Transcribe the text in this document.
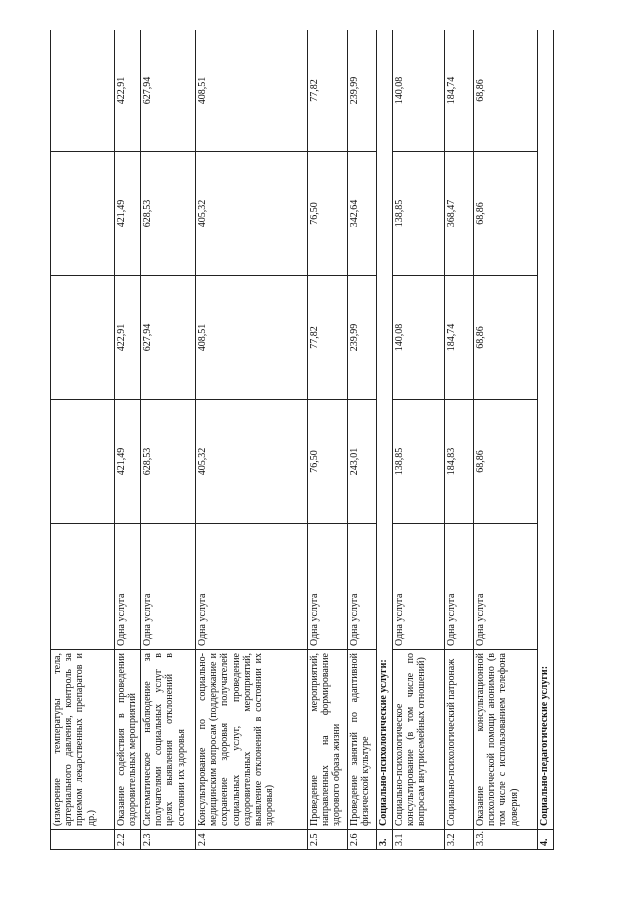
	(измерение температуры тела, артериального давления, контроль за приемом лекарственных препаратов и др.)					
2.2	Оказание содействия в проведении оздоровительных мероприятий	Одна услуга	421,49	422,91	421,49	422,91
2.3	Систематическое наблюдение за получателями социальных услуг в целях выявления отклонений в состоянии их здоровья	Одна услуга	628,53	627,94	628,53	627,94
2.4	Консультирование по социально-медицинским вопросам (поддержание и сохранение здоровья получателей социальных услуг, проведение оздоровительных мероприятий, выявление отклонений в состоянии их здоровья)	Одна услуга	405,32	408,51	405,32	408,51
2.5	Проведение мероприятий, направленных на формирование здорового образа жизни	Одна услуга	76,50	77,82	76,50	77,82
2.6	Проведение занятий по адаптивной физической культуре	Одна услуга	243,01	239,99	342,64	239,99
3.	Социально-психологические услуги:					
3.1	Социально-психологическое консультирование (в том числе по вопросам внутрисемейных отношений)	Одна услуга	138,85	140,08	138,85	140,08
3.2	Социально-психологический патронаж	Одна услуга	184,83	184,74	368,47	184,74
3.3.	Оказание консультационной психологической помощи анонимно (в том числе с использованием телефона доверия)	Одна услуга	68,86	68,86	68,86	68,86
4.	Социально-педагогические услуги:					
